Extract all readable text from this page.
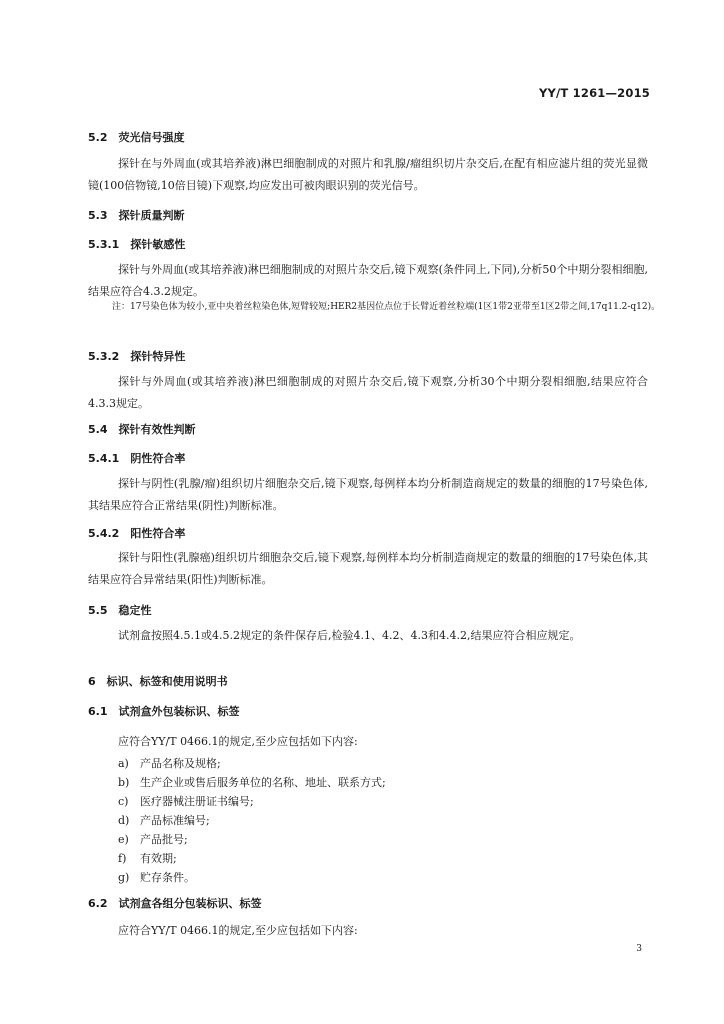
YY/T 1261—2015
5.2　荧光信号强度

探针在与外周血(或其培养液)淋巴细胞制成的对照片和乳腺/瘤组织切片杂交后,在配有相应滤片组的荧光显微镜(100倍物镜,10倍目镜)下观察,均应发出可被肉眼识别的荧光信号。

5.3　探针质量判断
5.3.1　探针敏感性

探针与外周血(或其培养液)淋巴细胞制成的对照片杂交后,镜下观察(条件同上,下同),分析50个中期分裂相细胞,结果应符合4.3.2规定。

注：17号染色体为较小,亚中央着丝粒染色体,短臂较短;HER2基因位点位于长臂近着丝粒端(1区1带2亚带至1区2带之间,17q11.2-q12)。

5.3.2　探针特异性

探针与外周血(或其培养液)淋巴细胞制成的对照片杂交后,镜下观察,分析30个中期分裂相细胞,结果应符合4.3.3规定。

5.4　探针有效性判断
5.4.1　阴性符合率

探针与阴性(乳腺/瘤)组织切片细胞杂交后,镜下观察,每例样本均分析制造商规定的数量的细胞的17号染色体,其结果应符合正常结果(阴性)判断标准。

5.4.2　阳性符合率

探针与阳性(乳腺癌)组织切片细胞杂交后,镜下观察,每例样本均分析制造商规定的数量的细胞的17号染色体,其结果应符合异常结果(阳性)判断标准。

5.5　稳定性

试剂盒按照4.5.1或4.5.2规定的条件保存后,检验4.1、4.2、4.3和4.4.2,结果应符合相应规定。

6　标识、标签和使用说明书
6.1　试剂盒外包装标识、标签
应符合YY/T 0466.1的规定,至少应包括如下内容:
a) 产品名称及规格;
b) 生产企业或售后服务单位的名称、地址、联系方式;
c) 医疗器械注册证书编号;
d) 产品标准编号;
e) 产品批号;
f) 有效期;
g) 贮存条件。
6.2　试剂盒各组分包装标识、标签
应符合YY/T 0466.1的规定,至少应包括如下内容:
3
